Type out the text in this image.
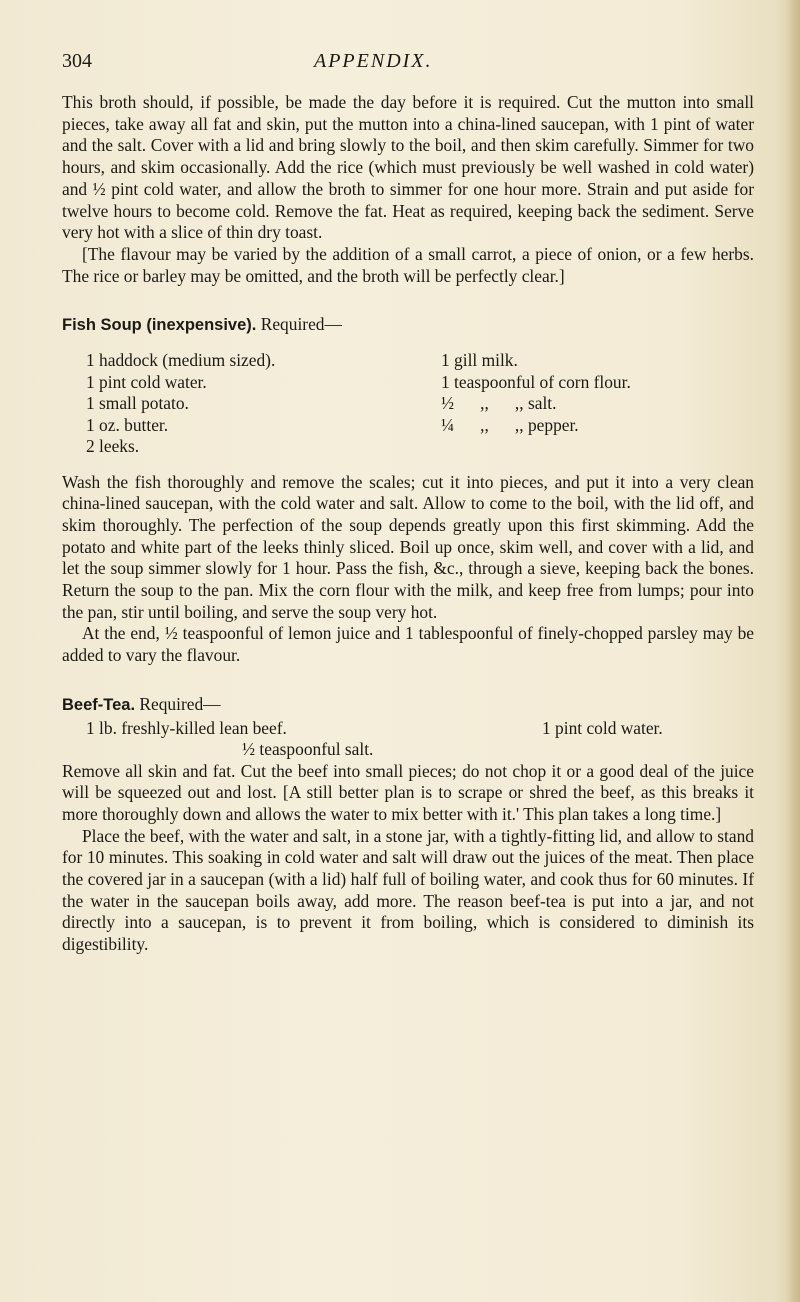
304	APPENDIX.

This broth should, if possible, be made the day before it is required. Cut the mutton into small pieces, take away all fat and skin, put the mutton into a china-lined saucepan, with 1 pint of water and the salt. Cover with a lid and bring slowly to the boil, and then skim carefully. Simmer for two hours, and skim occasionally. Add the rice (which must previously be well washed in cold water) and ½ pint cold water, and allow the broth to simmer for one hour more. Strain and put aside for twelve hours to become cold. Remove the fat. Heat as required, keeping back the sediment. Serve very hot with a slice of thin dry toast.

[The flavour may be varied by the addition of a small carrot, a piece of onion, or a few herbs. The rice or barley may be omitted, and the broth will be perfectly clear.]

Fish Soup (inexpensive). Required—
1 haddock (medium sized).	1 gill milk.
1 pint cold water.	1 teaspoonful of corn flour.
1 small potato.	½      ,,      ,, salt.
1 oz. butter.	¼      ,,      ,, pepper.
2 leeks.

Wash the fish thoroughly and remove the scales; cut it into pieces, and put it into a very clean china-lined saucepan, with the cold water and salt. Allow to come to the boil, with the lid off, and skim thoroughly. The perfection of the soup depends greatly upon this first skimming. Add the potato and white part of the leeks thinly sliced. Boil up once, skim well, and cover with a lid, and let the soup simmer slowly for 1 hour. Pass the fish, &c., through a sieve, keeping back the bones. Return the soup to the pan. Mix the corn flour with the milk, and keep free from lumps; pour into the pan, stir until boiling, and serve the soup very hot.

At the end, ½ teaspoonful of lemon juice and 1 tablespoonful of finely-chopped parsley may be added to vary the flavour.

Beef-Tea. Required—
1 lb. freshly-killed lean beef.	1 pint cold water.
½ teaspoonful salt.

Remove all skin and fat. Cut the beef into small pieces; do not chop it or a good deal of the juice will be squeezed out and lost. [A still better plan is to scrape or shred the beef, as this breaks it more thoroughly down and allows the water to mix better with it.' This plan takes a long time.]

Place the beef, with the water and salt, in a stone jar, with a tightly-fitting lid, and allow to stand for 10 minutes. This soaking in cold water and salt will draw out the juices of the meat. Then place the covered jar in a saucepan (with a lid) half full of boiling water, and cook thus for 60 minutes. If the water in the saucepan boils away, add more. The reason beef-tea is put into a jar, and not directly into a saucepan, is to prevent it from boiling, which is considered to diminish its digestibility.
